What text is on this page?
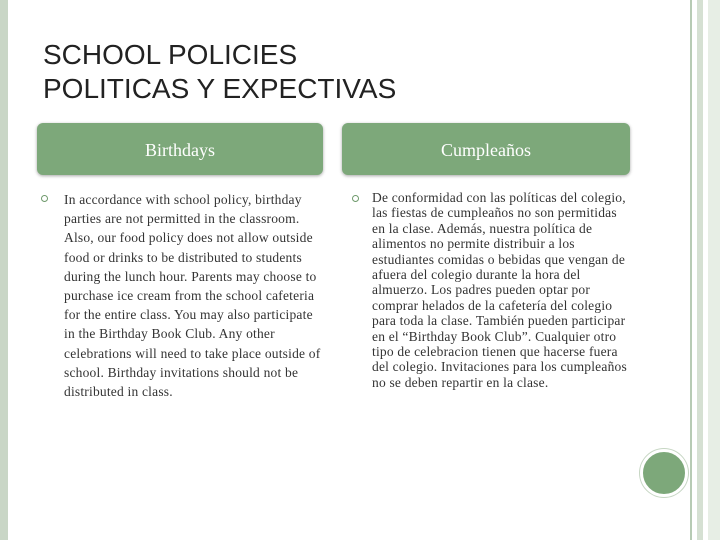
SCHOOL POLICIES
POLITICAS Y EXPECTIVAS
Birthdays	Cumpleaños
In accordance with school policy, birthday parties are not permitted in the classroom. Also, our food policy does not allow outside food or drinks to be distributed to students during the lunch hour. Parents may choose to purchase ice cream from the school cafeteria for the entire class. You may also participate in the Birthday Book Club. Any other celebrations will need to take place outside of school. Birthday invitations should not be distributed in class.
De conformidad con las políticas del colegio, las fiestas de cumpleaños no son permitidas en la clase. Además, nuestra política de alimentos no permite distribuir a los estudiantes comidas o bebidas que vengan de afuera del colegio durante la hora del almuerzo. Los padres pueden optar por comprar helados de la cafetería del colegio para toda la clase. También pueden participar en el “Birthday Book Club”. Cualquier otro tipo de celebracion tienen que hacerse fuera del colegio. Invitaciones para los cumpleaños no se deben repartir en la clase.
